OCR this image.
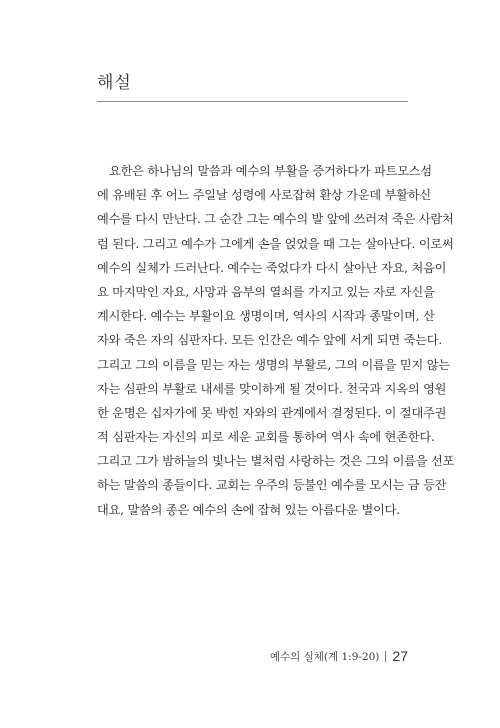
해설
요한은 하나님의 말씀과 예수의 부활을 증거하다가 파트모스섬
에 유배된 후 어느 주일날 성령에 사로잡혀 환상 가운데 부활하신
예수를 다시 만난다. 그 순간 그는 예수의 발 앞에 쓰러져 죽은 사람처
럼 된다. 그리고 예수가 그에게 손을 얹었을 때 그는 살아난다. 이로써
예수의 실체가 드러난다. 예수는 죽었다가 다시 살아난 자요, 처음이
요 마지막인 자요, 사망과 음부의 열쇠를 가지고 있는 자로 자신을
계시한다. 예수는 부활이요 생명이며, 역사의 시작과 종말이며, 산
자와 죽은 자의 심판자다. 모든 인간은 예수 앞에 서게 되면 죽는다.
그리고 그의 이름을 믿는 자는 생명의 부활로, 그의 이름을 믿지 않는
자는 심판의 부활로 내세를 맞이하게 될 것이다. 천국과 지옥의 영원
한 운명은 십자가에 못 박힌 자와의 관계에서 결정된다. 이 절대주권
적 심판자는 자신의 피로 세운 교회를 통하여 역사 속에 현존한다.
그리고 그가 밤하늘의 빛나는 별처럼 사랑하는 것은 그의 이름을 선포
하는 말씀의 종들이다. 교회는 우주의 등불인 예수를 모시는 금 등잔
대요, 말씀의 종은 예수의 손에 잡혀 있는 아름다운 별이다.
예수의 실체(계 1:9-20) 27
